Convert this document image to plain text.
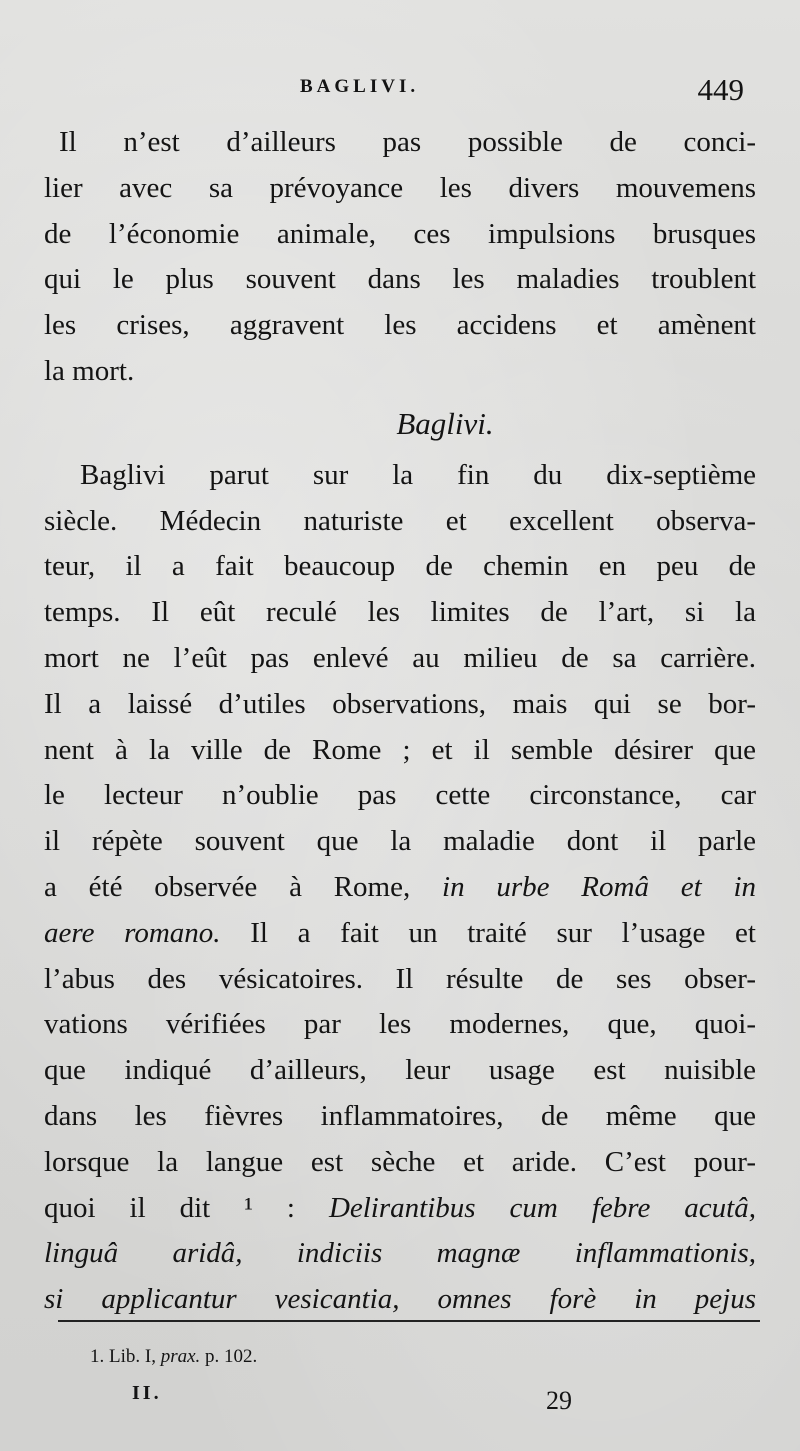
BAGLIVI.	449
Il n’est d’ailleurs pas possible de conci-
lier avec sa prévoyance les divers mouvemens
de l’économie animale, ces impulsions brusques
qui le plus souvent dans les maladies troublent
les crises, aggravent les accidens et amènent
la mort.
Baglivi.
Baglivi parut sur la fin du dix-septième
siècle. Médecin naturiste et excellent observa-
teur, il a fait beaucoup de chemin en peu de
temps. Il eût reculé les limites de l’art, si la
mort ne l’eût pas enlevé au milieu de sa carrière.
Il a laissé d’utiles observations, mais qui se bor-
nent à la ville de Rome ; et il semble désirer que
le lecteur n’oublie pas cette circonstance, car
il répète souvent que la maladie dont il parle
a été observée à Rome, in urbe Româ et in
aere romano. Il a fait un traité sur l’usage et
l’abus des vésicatoires. Il résulte de ses obser-
vations vérifiées par les modernes, que, quoi-
que indiqué d’ailleurs, leur usage est nuisible
dans les fièvres inflammatoires, de même que
lorsque la langue est sèche et aride. C’est pour-
quoi il dit ¹ : Delirantibus cum febre acutâ,
linguâ aridâ, indiciis magnæ inflammationis,
si applicantur vesicantia, omnes forè in pejus
1. Lib. I, prax. p. 102.
II.	29
